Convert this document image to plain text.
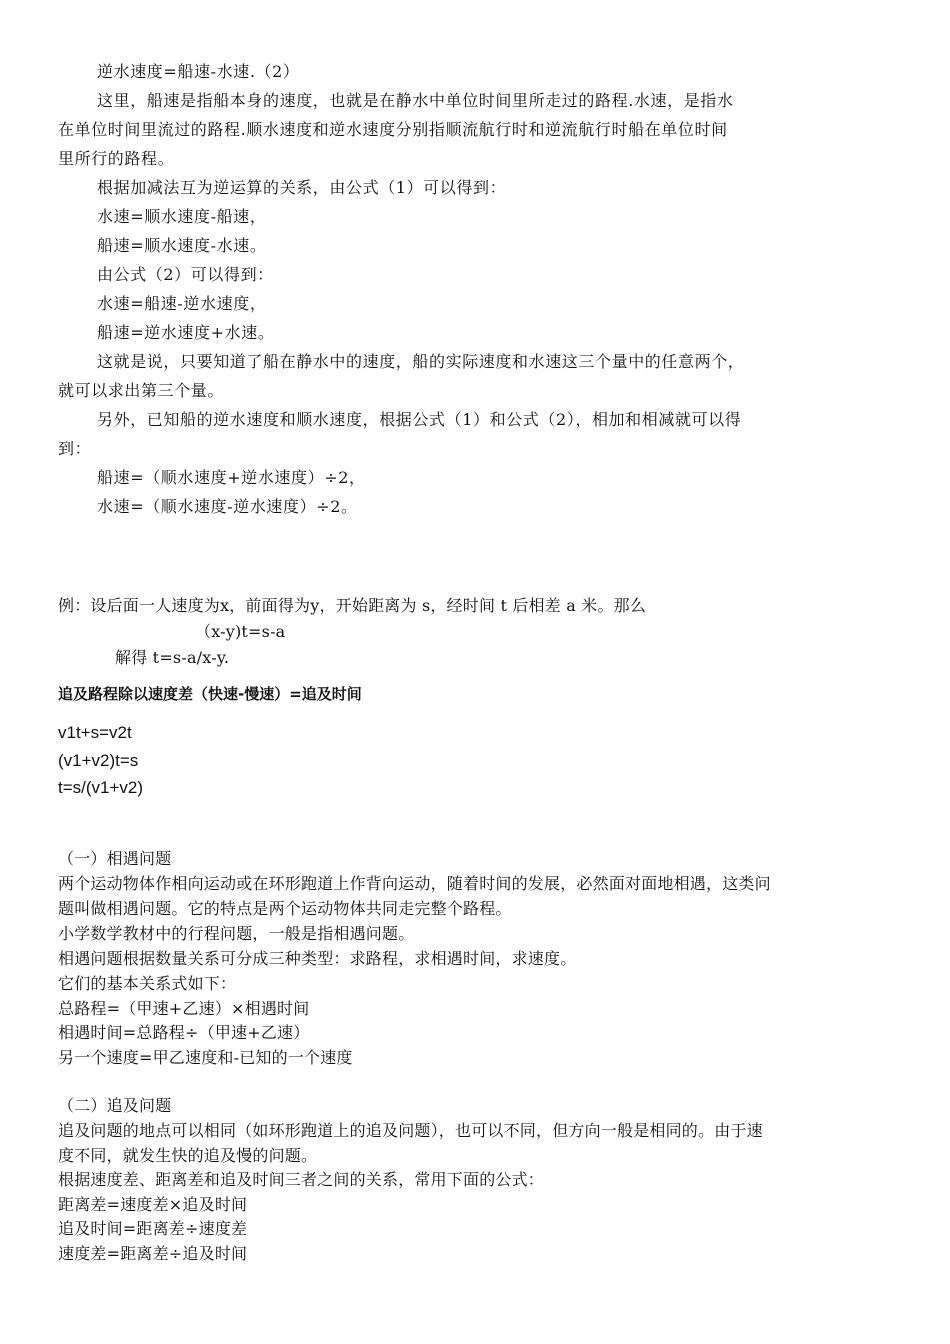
逆水速度=船速-水速.（2）
这里，船速是指船本身的速度，也就是在静水中单位时间里所走过的路程.水速，是指水
在单位时间里流过的路程.顺水速度和逆水速度分别指顺流航行时和逆流航行时船在单位时间
里所行的路程。
根据加减法互为逆运算的关系，由公式（1）可以得到：
水速=顺水速度-船速，
船速=顺水速度-水速。
由公式（2）可以得到：
水速=船速-逆水速度，
船速=逆水速度+水速。
这就是说，只要知道了船在静水中的速度，船的实际速度和水速这三个量中的任意两个，
就可以求出第三个量。
另外，已知船的逆水速度和顺水速度，根据公式（1）和公式（2），相加和相减就可以得
到：
船速=（顺水速度+逆水速度）÷2，
水速=（顺水速度-逆水速度）÷2。
例：设后面一人速度为x，前面得为y，开始距离为 s，经时间 t 后相差 a 米。那么
（x-y)t=s-a
解得 t=s-a/x-y.
追及路程除以速度差（快速-慢速）=追及时间
v1t+s=v2t
(v1+v2)t=s
t=s/(v1+v2)
（一）相遇问题
两个运动物体作相向运动或在环形跑道上作背向运动，随着时间的发展，必然面对面地相遇，这类问
题叫做相遇问题。它的特点是两个运动物体共同走完整个路程。
小学数学教材中的行程问题，一般是指相遇问题。
相遇问题根据数量关系可分成三种类型：求路程，求相遇时间，求速度。
它们的基本关系式如下：
总路程=（甲速+乙速）×相遇时间
相遇时间=总路程÷（甲速+乙速）
另一个速度=甲乙速度和-已知的一个速度
（二）追及问题
追及问题的地点可以相同（如环形跑道上的追及问题），也可以不同，但方向一般是相同的。由于速
度不同，就发生快的追及慢的问题。
根据速度差、距离差和追及时间三者之间的关系，常用下面的公式：
距离差=速度差×追及时间
追及时间=距离差÷速度差
速度差=距离差÷追及时间
